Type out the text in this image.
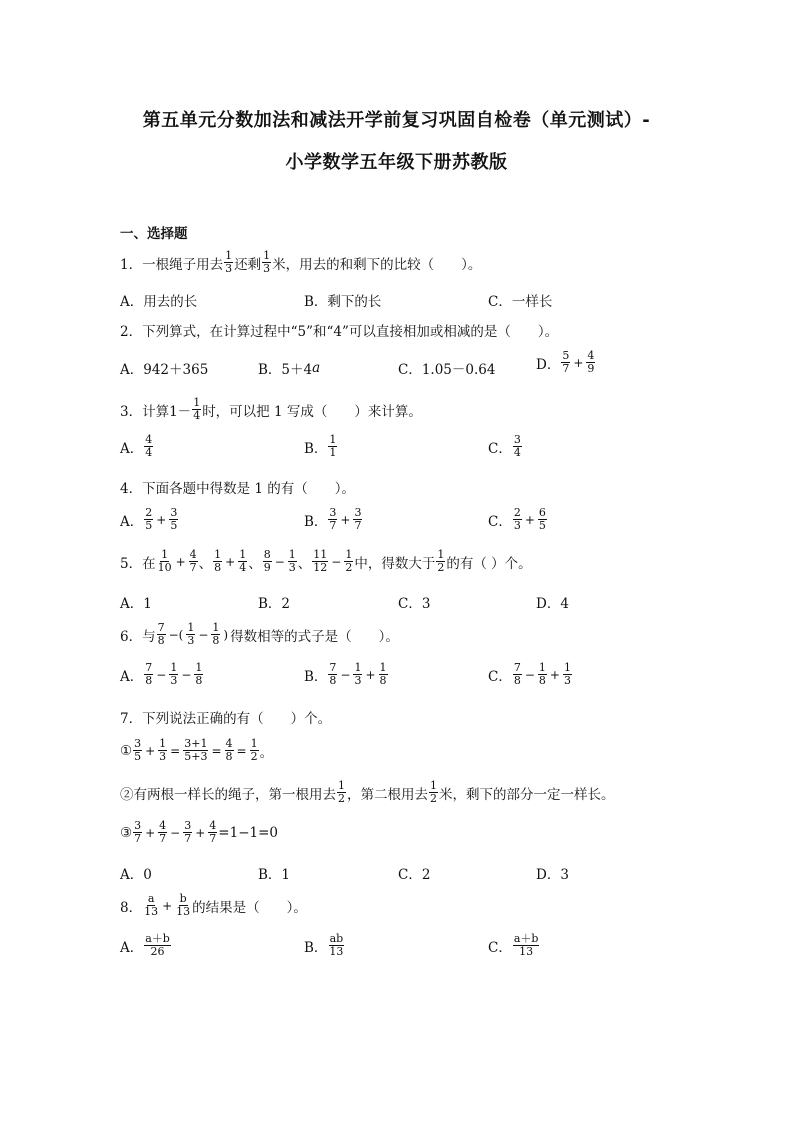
第五单元分数加法和减法开学前复习巩固自检卷（单元测试）-
小学数学五年级下册苏教版
一、选择题
1． 一根绳子用去 $\frac{1}{3}$ 还剩 $\frac{1}{3}$ 米，用去的和剩下的比较（　　）。
A．用去的长	B．剩下的长	C．一样长
2．下列算式，在计算过程中“5”和“4”可以直接相加或相减的是（　　）。
A．942＋365	B．5＋4 a	C．1.05－0.64	D． $\frac{5}{7} + \frac{4}{9}$
3．计算$1- \frac{1}{4}$ 时，可以把 1 写成（　　）来计算。
A． $\frac{4}{4}$	B． $\frac{1}{1}$	C． $\frac{3}{4}$
4．下面各题中得数是 1 的有（　　）。
A． $\frac{2}{5} + \frac{3}{5}$	B． $\frac{3}{7} + \frac{3}{7}$	C． $\frac{2}{3} + \frac{6}{5}$
5．在 $\frac{1}{10} + \frac{4}{7}$ 、 $\frac{1}{8} + \frac{1}{4}$ 、 $\frac{8}{9} - \frac{1}{3}$ 、 $\frac{11}{12} - \frac{1}{2}$ 中，得数大于 $\frac{1}{2}$ 的有（ ）个。
A．1	B．2	C．3	D．4
6．与 $\frac{7}{8}$ −( $\frac{1}{3} - \frac{1}{8}$ ) 得数相等的式子是（　　）。
A． $\frac{7}{8} - \frac{1}{3} - \frac{1}{8}$	B． $\frac{7}{8} - \frac{1}{3} + \frac{1}{8}$	C． $\frac{7}{8} - \frac{1}{8} + \frac{1}{3}$
7．下列说法正确的有（　　）个。
① $\frac{3}{5} + \frac{1}{3} = \frac{3+1}{5+3} = \frac{4}{8} = \frac{1}{2}$ 。
②有两根一样长的绳子，第一根用去 $\frac{1}{2}$ ，第二根用去 $\frac{1}{2}$ 米，剩下的部分一定一样长。
③ $\frac{3}{7} + \frac{4}{7} - \frac{3}{7} + \frac{4}{7} =1-1=0$
A．0	B．1	C．2	D．3
8． $\frac{a}{13} + \frac{b}{13}$ 的结果是（　　）。
A． $\frac{a+b}{26}$	B． $\frac{ab}{13}$	C． $\frac{a+b}{13}$
